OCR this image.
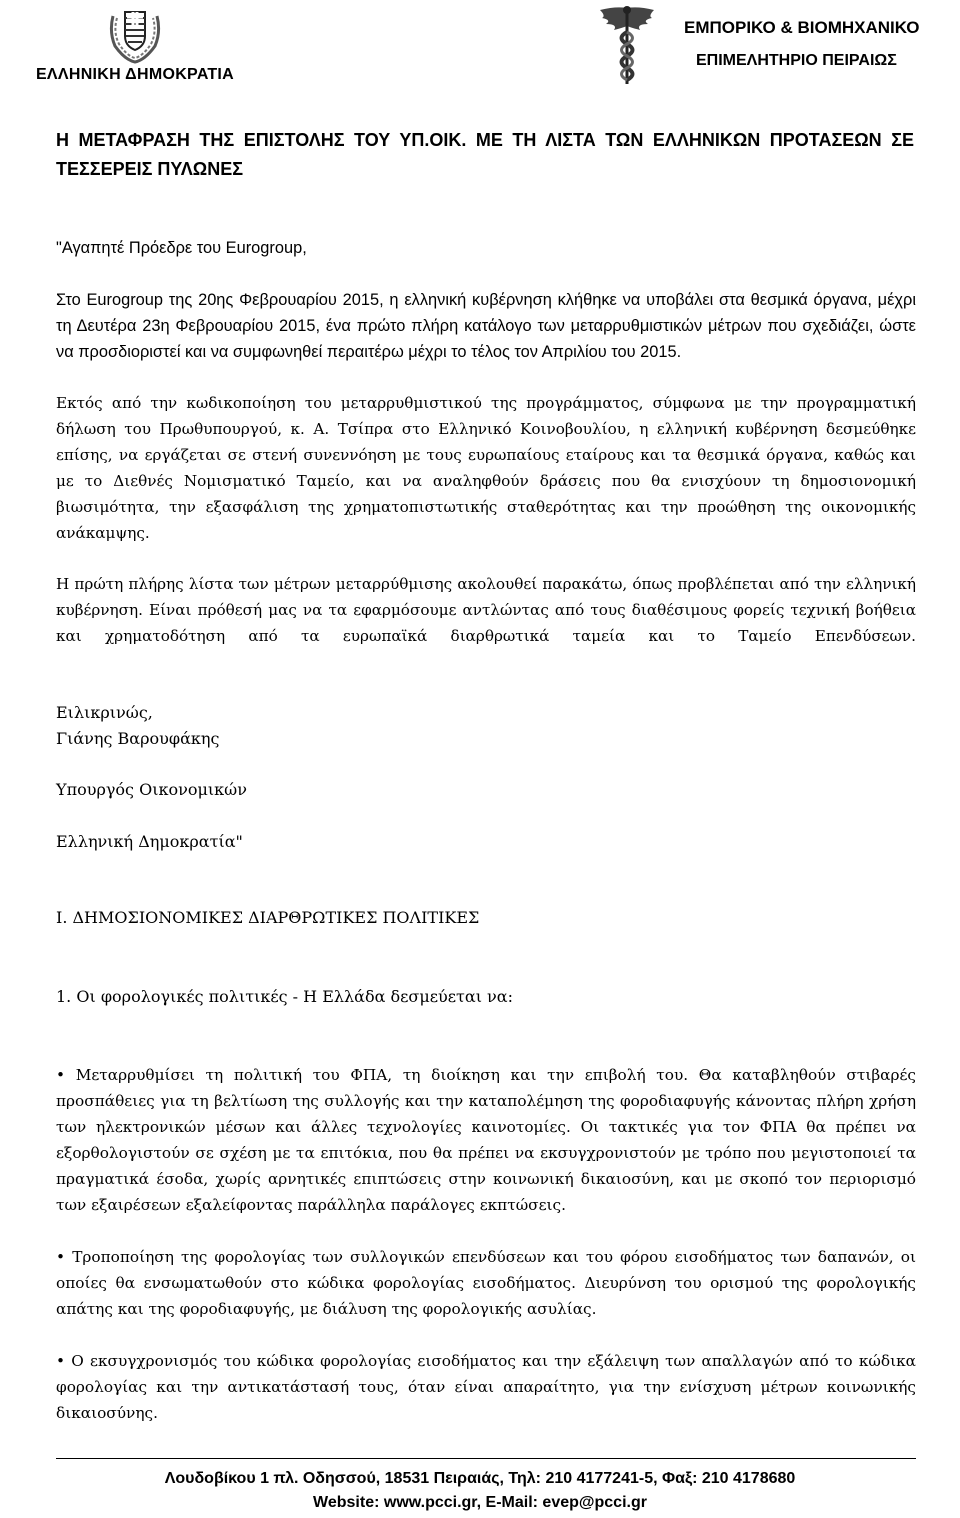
ΕΛΛΗΝΙΚΗ ΔΗΜΟΚΡΑΤΙΑ
ΕΜΠΟΡΙΚΟ & ΒΙΟΜΗΧΑΝΙΚΟ
ΕΠΙΜΕΛΗΤΗΡΙΟ ΠΕΙΡΑΙΩΣ
Η ΜΕΤΑΦΡΑΣΗ ΤΗΣ ΕΠΙΣΤΟΛΗΣ ΤΟΥ ΥΠ.ΟΙΚ. ΜΕ ΤΗ ΛΙΣΤΑ ΤΩΝ ΕΛΛΗΝΙΚΩΝ ΠΡΟΤΑΣΕΩΝ ΣΕ ΤΕΣΣΕΡΕΙΣ ΠΥΛΩΝΕΣ
"Αγαπητέ Πρόεδρε του Eurogroup,
Στο Eurogroup της 20ης Φεβρουαρίου 2015, η ελληνική κυβέρνηση κλήθηκε να υποβάλει στα θεσμικά όργανα, μέχρι τη Δευτέρα 23η Φεβρουαρίου 2015, ένα πρώτο πλήρη κατάλογο των μεταρρυθμιστικών μέτρων που σχεδιάζει, ώστε να προσδιοριστεί και να συμφωνηθεί περαιτέρω μέχρι το τέλος τον Απριλίου του 2015.
Εκτός από την κωδικοποίηση του μεταρρυθμιστικού της προγράμματος, σύμφωνα με την προγραμματική δήλωση του Πρωθυπουργού, κ. Α. Τσίπρα στο Ελληνικό Κοινοβουλίου, η ελληνική κυβέρνηση δεσμεύθηκε επίσης, να εργάζεται σε στενή συνεννόηση με τους ευρωπαίους εταίρους και τα θεσμικά όργανα, καθώς και με το Διεθνές Νομισματικό Ταμείο, και να αναληφθούν δράσεις που θα ενισχύουν τη δημοσιονομική βιωσιμότητα, την εξασφάλιση της χρηματοπιστωτικής σταθερότητας και την προώθηση της οικονομικής ανάκαμψης.
Η πρώτη πλήρης λίστα των μέτρων μεταρρύθμισης ακολουθεί παρακάτω, όπως προβλέπεται από την ελληνική κυβέρνηση. Είναι πρόθεσή μας να τα εφαρμόσουμε αντλώντας από τους διαθέσιμους φορείς τεχνική βοήθεια και χρηματοδότηση από τα ευρωπαϊκά διαρθρωτικά ταμεία και το Ταμείο Επενδύσεων.
Ειλικρινώς,
Γιάνης Βαρουφάκης
Υπουργός Οικονομικών
Ελληνική Δημοκρατία"
Ι. ΔΗΜΟΣΙΟΝΟΜΙΚΕΣ ΔΙΑΡΘΡΩΤΙΚΕΣ ΠΟΛΙΤΙΚΕΣ
1. Οι φορολογικές πολιτικές - Η Ελλάδα δεσμεύεται να:
• Μεταρρυθμίσει τη πολιτική του ΦΠΑ, τη διοίκηση και την επιβολή του. Θα καταβληθούν στιβαρές προσπάθειες για τη βελτίωση της συλλογής και την καταπολέμηση της φοροδιαφυγής κάνοντας πλήρη χρήση των ηλεκτρονικών μέσων και άλλες τεχνολογίες καινοτομίες. Οι τακτικές για τον ΦΠΑ θα πρέπει να εξορθολογιστούν σε σχέση με τα επιτόκια, που θα πρέπει να εκσυγχρονιστούν με τρόπο που μεγιστοποιεί τα πραγματικά έσοδα, χωρίς αρνητικές επιπτώσεις στην κοινωνική δικαιοσύνη, και με σκοπό τον περιορισμό των εξαιρέσεων εξαλείφοντας παράλληλα παράλογες εκπτώσεις.
• Τροποποίηση της φορολογίας των συλλογικών επενδύσεων και του φόρου εισοδήματος των δαπανών, οι οποίες θα ενσωματωθούν στο κώδικα φορολογίας εισοδήματος. Διευρύνση του ορισμού της φορολογικής απάτης και της φοροδιαφυγής, με διάλυση της φορολογικής ασυλίας.
• Ο εκσυγχρονισμός του κώδικα φορολογίας εισοδήματος και την εξάλειψη των απαλλαγών από το κώδικα φορολογίας και την αντικατάστασή τους, όταν είναι απαραίτητο, για την ενίσχυση μέτρων κοινωνικής δικαιοσύνης.
Λουδοβίκου 1 πλ. Οδησσού, 18531 Πειραιάς, Τηλ: 210 4177241-5, Φαξ: 210 4178680
Website: www.pcci.gr, E-Mail: evep@pcci.gr
